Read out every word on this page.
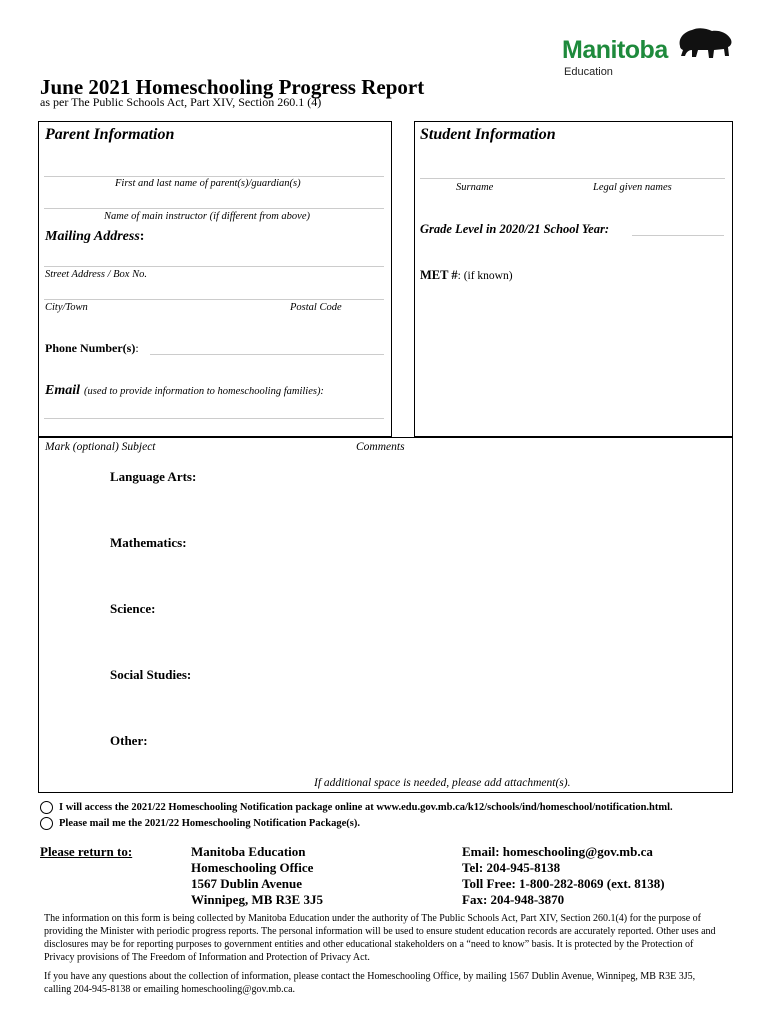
Manitoba
Education
June 2021 Homeschooling Progress Report
as per The Public Schools Act, Part XIV, Section 260.1 (4)
Parent Information
First and last name of parent(s)/guardian(s)
Name of main instructor (if different from above)
Mailing Address:
Street Address / Box No.
City/Town	Postal Code
Phone Number(s):
Email (used to provide information to homeschooling families):
Student Information
Surname	Legal given names
Grade Level in 2020/21 School Year:
MET #: (if known)
Mark (optional) Subject	Comments
Language Arts:
Mathematics:
Science:
Social Studies:
Other:
If additional space is needed, please add attachment(s).
I will access the 2021/22 Homeschooling Notification package online at www.edu.gov.mb.ca/k12/schools/ind/homeschool/notification.html.
Please mail me the 2021/22 Homeschooling Notification Package(s).
Please return to:	Manitoba Education
Homeschooling Office
1567 Dublin Avenue
Winnipeg, MB R3E 3J5
Email: homeschooling@gov.mb.ca
Tel: 204-945-8138
Toll Free: 1-800-282-8069 (ext. 8138)
Fax: 204-948-3870
The information on this form is being collected by Manitoba Education under the authority of The Public Schools Act, Part XIV, Section 260.1(4) for the purpose of providing the Minister with periodic progress reports. The personal information will be used to ensure student education records are accurately reported. Other uses and disclosures may be for reporting purposes to government entities and other educational stakeholders on a “need to know” basis. It is protected by the Protection of Privacy provisions of The Freedom of Information and Protection of Privacy Act.
If you have any questions about the collection of information, please contact the Homeschooling Office, by mailing 1567 Dublin Avenue, Winnipeg, MB R3E 3J5, calling 204-945-8138 or emailing homeschooling@gov.mb.ca.
